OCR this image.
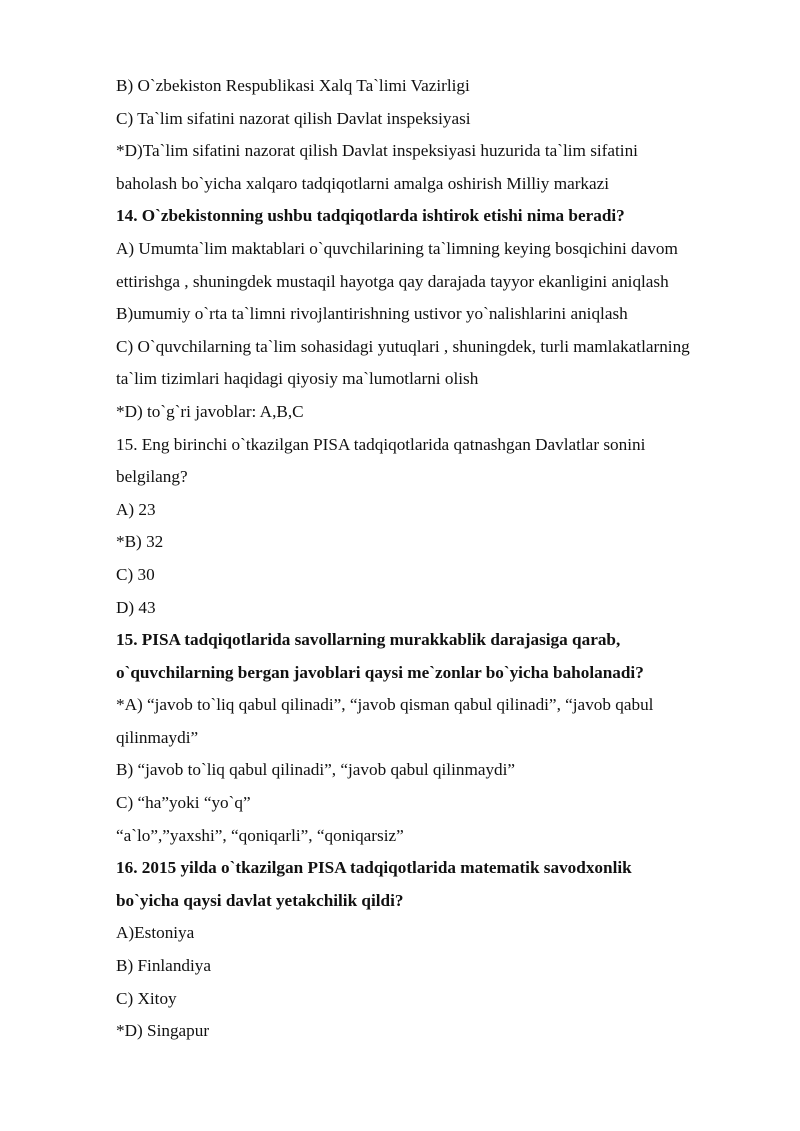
B) O`zbekiston Respublikasi Xalq Ta`limi Vazirligi
C) Ta`lim sifatini nazorat qilish Davlat inspeksiyasi
*D)Ta`lim sifatini nazorat qilish Davlat inspeksiyasi huzurida ta`lim sifatini
baholash bo`yicha xalqaro tadqiqotlarni amalga oshirish Milliy markazi
14. O`zbekistonning ushbu tadqiqotlarda ishtirok etishi nima beradi?
A) Umumta`lim maktablari o`quvchilarining ta`limning keying bosqichini davom
ettirishga , shuningdek mustaqil hayotga qay darajada tayyor ekanligini aniqlash
B)umumiy o`rta ta`limni rivojlantirishning ustivor yo`nalishlarini aniqlash
C) O`quvchilarning ta`lim sohasidagi yutuqlari , shuningdek, turli mamlakatlarning
ta`lim tizimlari haqidagi qiyosiy ma`lumotlarni olish
*D) to`g`ri javoblar: A,B,C
15. Eng birinchi o`tkazilgan PISA tadqiqotlarida qatnashgan Davlatlar sonini
belgilang?
A) 23
*B) 32
C) 30
D) 43
15. PISA tadqiqotlarida savollarning murakkablik darajasiga qarab,
o`quvchilarning bergan javoblari qaysi me`zonlar bo`yicha baholanadi?
*A) “javob to`liq qabul qilinadi”, “javob qisman qabul qilinadi”, “javob qabul
qilinmaydi”
B) “javob to`liq qabul qilinadi”, “javob qabul qilinmaydi”
C) “ha”yoki “yo`q”
“a`lo”,”yaxshi”, “qoniqarli”, “qoniqarsiz”
16. 2015 yilda o`tkazilgan PISA tadqiqotlarida matematik savodxonlik
bo`yicha qaysi davlat yetakchilik qildi?
A)Estoniya
B) Finlandiya
C) Xitoy
*D) Singapur
